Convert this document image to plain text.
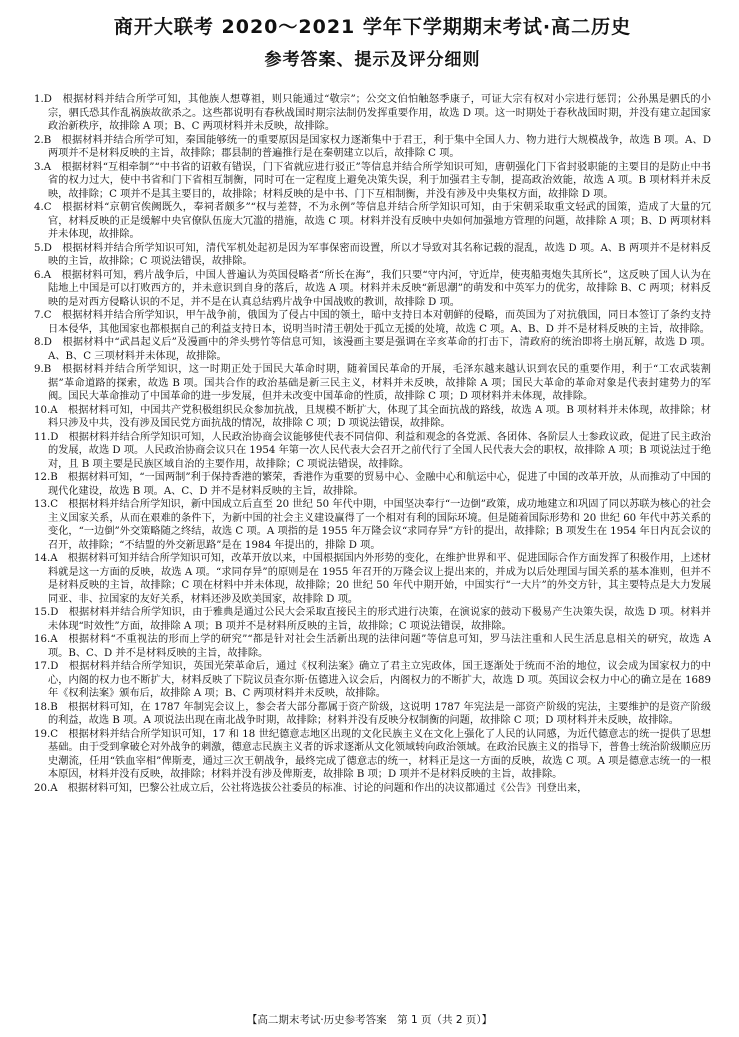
商开大联考 2020～2021 学年下学期期末考试·高二历史
参考答案、提示及评分细则

1.D　根据材料并结合所学可知，其他族人想尊祖，则只能通过“敬宗”；公交文伯怕触怒季康子，可证大宗有权对小宗进行惩罚；公孙黑是驷氏的小宗，驷氏恐其作乱祸族故欲杀之。这些都说明有春秋战国时期宗法制仍发挥重要作用，故选 D 项。这一时期处于春秋战国时期，并没有建立起国家政治新秩序，故排除 A 项；B、C 两项材料并未反映，故排除。

2.B　根据材料并结合所学可知，秦国能够统一的重要原因是国家权力逐渐集中于君王，利于集中全国人力、物力进行大规模战争，故选 B 项。A、D 两项并不是材料反映的主旨，故排除；郡县制的普遍推行是在秦朝建立以后，故排除 C 项。

3.A　根据材料“互相牵制”“中书省的诏敕有错误，门下省就应进行驳正”等信息并结合所学知识可知，唐朝强化门下省封驳职能的主要目的是防止中书省的权力过大，使中书省和门下省相互制衡，同时可在一定程度上避免决策失误，利于加强君主专制，提高政治效能，故选 A 项。B 项材料并未反映，故排除；C 项并不是其主要目的，故排除；材料反映的是中书、门下互相制衡，并没有涉及中央集权方面，故排除 D 项。

4.C　根据材料“京朝官俟阙既久，奉祠者颇多”“权与差替，不为永例”等信息并结合所学知识可知，由于宋朝采取重文轻武的国策，造成了大量的冗官，材料反映的正是缓解中央官僚队伍庞大冗滥的措施，故选 C 项。材料并没有反映中央如何加强地方管理的问题，故排除 A 项；B、D 两项材料并未体现，故排除。

5.D　根据材料并结合所学知识可知，清代军机处起初是因为军事保密而设置，所以才导致对其名称记载的混乱，故选 D 项。A、B 两项并不是材料反映的主旨，故排除；C 项说法错误，故排除。

6.A　根据材料可知，鸦片战争后，中国人普遍认为英国侵略者“所长在海”，我们只要“守内河，守近岸，使夷船夷炮失其所长”，这反映了国人认为在陆地上中国是可以打败西方的，并未意识到自身的落后，故选 A 项。材料并未反映“新思潮”的萌发和中英军力的优劣，故排除 B、C 两项；材料反映的是对西方侵略认识的不足，并不是在认真总结鸦片战争中国战败的教训，故排除 D 项。

7.C　根据材料并结合所学知识，甲午战争前，俄国为了侵占中国的领土，暗中支持日本对朝鲜的侵略，而英国为了对抗俄国，同日本签订了条约支持日本侵华，其他国家也都根据自己的利益支持日本，说明当时清王朝处于孤立无援的处境，故选 C 项。A、B、D 并不是材料反映的主旨，故排除。

8.D　根据材料中“武昌起义后”及漫画中的斧头劈竹等信息可知，该漫画主要是强调在辛亥革命的打击下，清政府的统治即将土崩瓦解，故选 D 项。A、B、C 三项材料并未体现，故排除。

9.B　根据材料并结合所学知识，这一时期正处于国民大革命时期，随着国民革命的开展，毛泽东越来越认识到农民的重要作用，利于“工农武装割据”革命道路的探索，故选 B 项。国共合作的政治基础是新三民主义，材料并未反映，故排除 A 项；国民大革命的革命对象是代表封建势力的军阀。国民大革命推动了中国革命的进一步发展，但并未改变中国革命的性质，故排除 C 项；D 项材料并未体现，故排除。

10.A　根据材料可知，中国共产党积极组织民众参加抗战，且规模不断扩大，体现了其全面抗战的路线，故选 A 项。B 项材料并未体现，故排除；材料只涉及中共，没有涉及国民党方面抗战的情况，故排除 C 项；D 项说法错误，故排除。

11.D　根据材料并结合所学知识可知，人民政治协商会议能够使代表不同信仰、利益和观念的各党派、各团体、各阶层人士参政议政，促进了民主政治的发展，故选 D 项。人民政治协商会议只在 1954 年第一次人民代表大会召开之前代行了全国人民代表大会的职权，故排除 A 项；B 项说法过于绝对，且 B 项主要是民族区域自治的主要作用，故排除；C 项说法错误，故排除。

12.B　根据材料可知，“一国两制”利于保持香港的繁荣，香港作为重要的贸易中心、金融中心和航运中心，促进了中国的改革开放，从而推动了中国的现代化建设，故选 B 项。A、C、D 并不是材料反映的主旨，故排除。

13.C　根据材料并结合所学知识，新中国成立后直至 20 世纪 50 年代中期，中国坚决奉行“一边倒”政策，成功地建立和巩固了同以苏联为核心的社会主义国家关系，从而在艰难的条件下，为新中国的社会主义建设赢得了一个相对有利的国际环境。但是随着国际形势和 20 世纪 60 年代中苏关系的变化，“一边倒”外交策略随之终结，故选 C 项。A 项指的是 1955 年万隆会议“求同存异”方针的提出，故排除；B 项发生在 1954 年日内瓦会议的召开，故排除；“不结盟的外交新思路”是在 1984 年提出的，排除 D 项。

14.A　根据材料可知并结合所学知识可知，改革开放以来，中国根据国内外形势的变化，在维护世界和平、促进国际合作方面发挥了积极作用，上述材料就是这一方面的反映，故选 A 项。“求同存异”的原则是在 1955 年召开的万隆会议上提出来的，并成为以后处理国与国关系的基本准则，但并不是材料反映的主旨，故排除；C 项在材料中并未体现，故排除；20 世纪 50 年代中期开始，中国实行“一大片”的外交方针，其主要特点是大力发展同亚、非、拉国家的友好关系，材料还涉及欧美国家，故排除 D 项。

15.D　根据材料并结合所学知识，由于雅典是通过公民大会采取直接民主的形式进行决策，在演说家的鼓动下极易产生决策失误，故选 D 项。材料并未体现“时效性”方面，故排除 A 项；B 项并不是材料所反映的主旨，故排除；C 项说法错误，故排除。

16.A　根据材料“不重视法的形而上学的研究”“都是针对社会生活新出现的法律问题”等信息可知，罗马法注重和人民生活息息相关的研究，故选 A 项。B、C、D 并不是材料反映的主旨，故排除。

17.D　根据材料并结合所学知识，英国光荣革命后，通过《权利法案》确立了君主立宪政体，国王逐渐处于统而不治的地位，议会成为国家权力的中心，内阁的权力也不断扩大，材料反映了下院议员查尔斯·伍德进入议会后，内阁权力的不断扩大，故选 D 项。英国议会权力中心的确立是在 1689 年《权利法案》颁布后，故排除 A 项；B、C 两项材料并未反映，故排除。

18.B　根据材料可知，在 1787 年制宪会议上，参会者大部分都属于资产阶级，这说明 1787 年宪法是一部资产阶级的宪法，主要维护的是资产阶级的利益，故选 B 项。A 项说法出现在南北战争时期，故排除；材料并没有反映分权制衡的问题，故排除 C 项；D 项材料并未反映，故排除。

19.C　根据材料并结合所学知识可知，17 和 18 世纪德意志地区出现的文化民族主义在文化上强化了人民的认同感，为近代德意志的统一提供了思想基础。由于受到拿破仑对外战争的刺激，德意志民族主义者的诉求逐渐从文化领域转向政治领域。在政治民族主义的指导下，普鲁士统治阶级顺应历史潮流，任用“铁血宰相”俾斯麦，通过三次王朝战争，最终完成了德意志的统一，材料正是这一方面的反映，故选 C 项。A 项是德意志统一的一根本原因，材料并没有反映，故排除；材料并没有涉及俾斯麦，故排除 B 项；D 项并不是材料反映的主旨，故排除。

20.A　根据材料可知，巴黎公社成立后，公社将选拔公社委员的标准、讨论的问题和作出的决议都通过《公告》刊登出来，

【高二期末考试·历史参考答案　第 1 页（共 2 页）】
